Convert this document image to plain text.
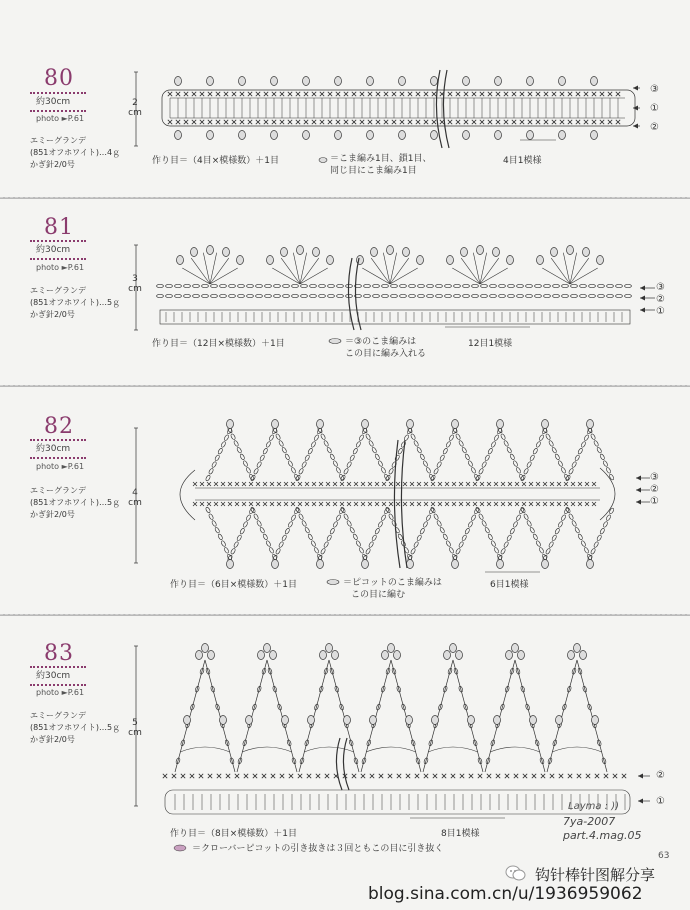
80
約30cm
photo ►P.61
エミーグランデ
(851オフホワイト)…4ｇ
かぎ針2/0号
2 cm
作り目＝（4目×模様数）＋1目	＝こま編み1目、鎖1目、
同じ目にこま編み1目
4目1模様
③
①
②
81
約30cm
photo ►P.61
エミーグランデ
(851オフホワイト)…5ｇ
かぎ針2/0号
3 cm
作り目＝（12目×模様数）＋1目	＝③のこま編みは
この目に編み入れる
12目1模様
③
②
①
82
約30cm
photo ►P.61
エミーグランデ
(851オフホワイト)…5ｇ
かぎ針2/0号
4 cm
作り目＝（6目×模様数）＋1目	＝ピコットのこま編みは
この目に編む
6目1模様
③
②
①
83
約30cm
photo ►P.61
エミーグランデ
(851オフホワイト)…5ｇ
かぎ針2/0号
5 cm
作り目＝（8目×模様数）＋1目
＝クローバーピコットの引き抜きは３回ともこの目に引き抜く
8目1模様
②
①
Layma : ))
7ya-2007
part.4.mag.05
63
钩针棒针图解分享
blog.sina.com.cn/u/1936959062
